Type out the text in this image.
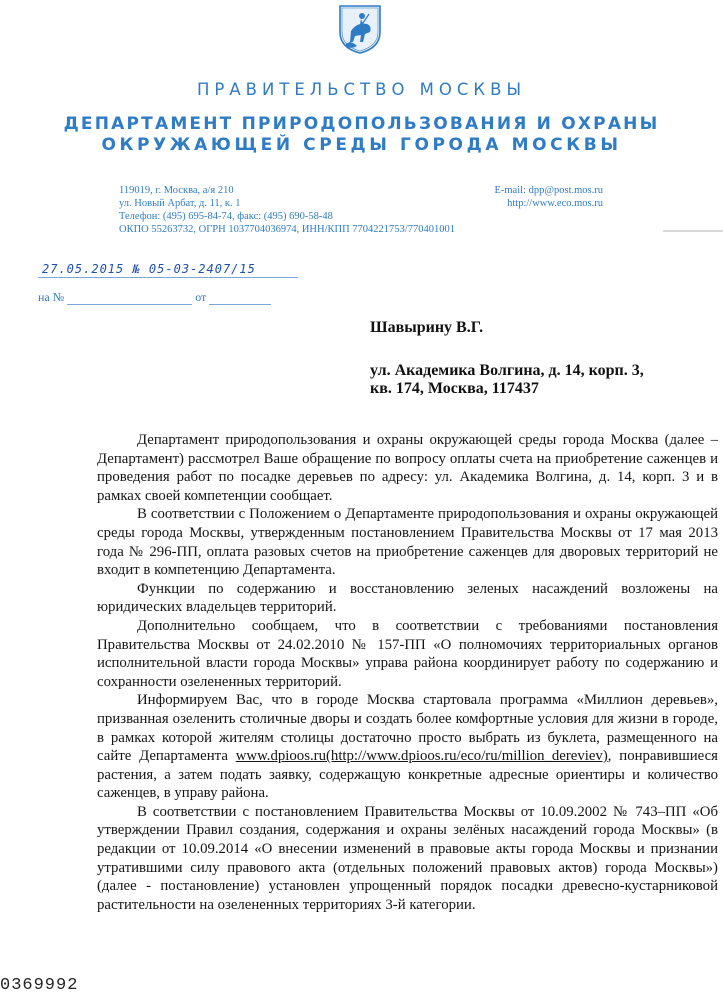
ПРАВИТЕЛЬСТВО МОСКВЫ
ДЕПАРТАМЕНТ ПРИРОДОПОЛЬЗОВАНИЯ И ОХРАНЫ
ОКРУЖАЮЩЕЙ СРЕДЫ ГОРОДА МОСКВЫ
119019, г. Москва, а/я 210
ул. Новый Арбат, д. 11, к. 1
Телефон: (495) 695-84-74, факс: (495) 690-58-48
ОКПО 55263732, ОГРН 1037704036974, ИНН/КПП 7704221753/770401001
E-mail: dpp@post.mos.ru
http://www.eco.mos.ru
27.05.2015 № 05-03-2407/15
на №	от
Шавырину В.Г.
ул. Академика Волгина, д. 14, корп. 3,
кв. 174, Москва, 117437

Департамент природопользования и охраны окружающей среды города Москва (далее – Департамент) рассмотрел Ваше обращение по вопросу оплаты счета на приобретение саженцев и проведения работ по посадке деревьев по адресу: ул. Академика Волгина, д. 14, корп. 3 и в рамках своей компетенции сообщает.

В соответствии с Положением о Департаменте природопользования и охраны окружающей среды города Москвы, утвержденным постановлением Правительства Москвы от 17 мая 2013 года № 296-ПП, оплата разовых счетов на приобретение саженцев для дворовых территорий не входит в компетенцию Департамента.

Функции по содержанию и восстановлению зеленых насаждений возложены на юридических владельцев территорий.

Дополнительно сообщаем, что в соответствии с требованиями постановления Правительства Москвы от 24.02.2010 № 157-ПП «О полномочиях территориальных органов исполнительной власти города Москвы» управа района координирует работу по содержанию и сохранности озелененных территорий.

Информируем Вас, что в городе Москва стартовала программа «Миллион деревьев», призванная озеленить столичные дворы и создать более комфортные условия для жизни в городе, в рамках которой жителям столицы достаточно просто выбрать из буклета, размещенного на сайте Департамента www.dpioos.ru(http://www.dpioos.ru/eco/ru/million_dereviev), понравившиеся растения, а затем подать заявку, содержащую конкретные адресные ориентиры и количество саженцев, в управу района.

В соответствии с постановлением Правительства Москвы от 10.09.2002 № 743–ПП «Об утверждении Правил создания, содержания и охраны зелёных насаждений города Москвы» (в редакции от 10.09.2014 «О внесении изменений в правовые акты города Москвы и признании утратившими силу правового акта (отдельных положений правовых актов) города Москвы») (далее - постановление) установлен упрощенный порядок посадки древесно-кустарниковой растительности на озелененных территориях 3-й категории.

0369992
